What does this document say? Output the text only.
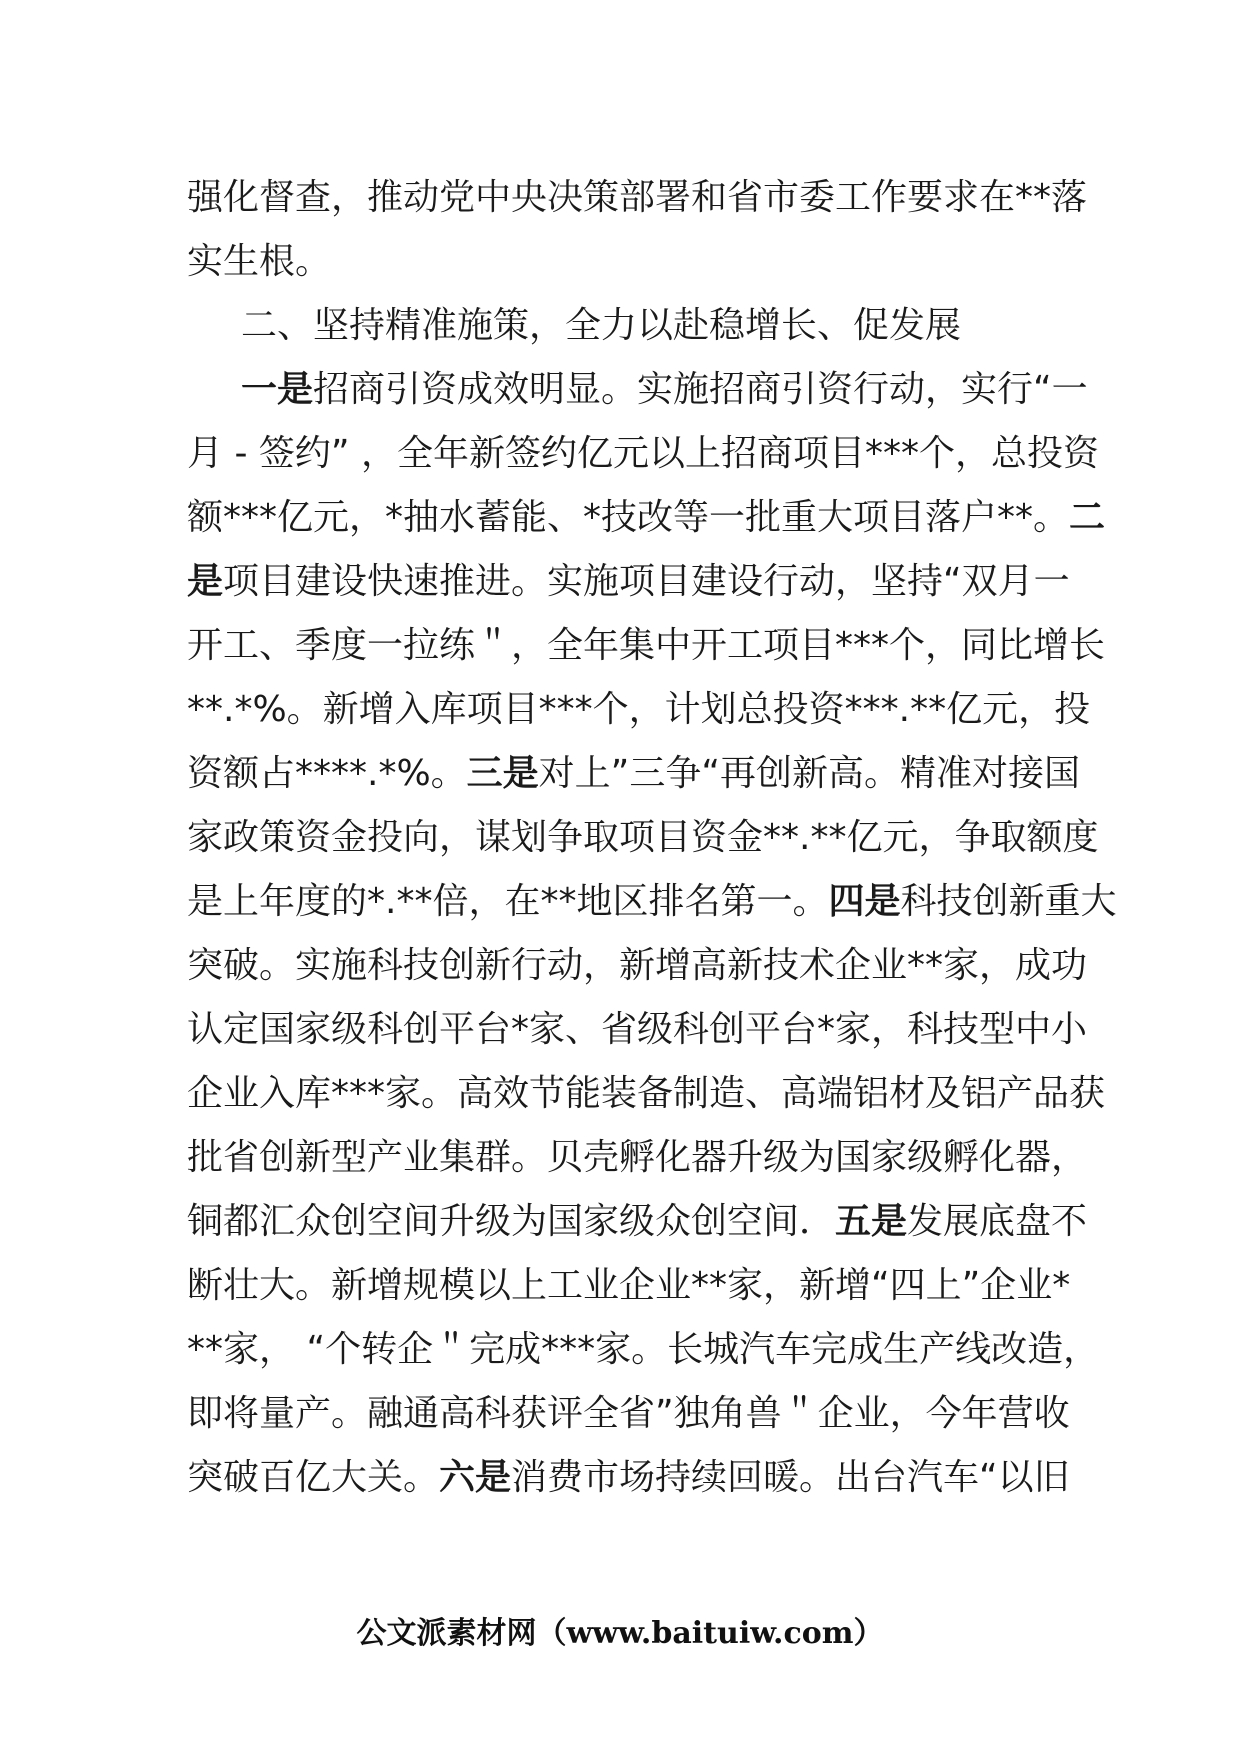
强化督查，推动党中央决策部署和省市委工作要求在**落
实生根。
二、坚持精准施策，全力以赴稳增长、促发展
一是招商引资成效明显。实施招商引资行动，实行“一
月 - 签约” ，全年新签约亿元以上招商项目***个，总投资
额***亿元，*抽水蓄能、*技改等一批重大项目落户**。二
是项目建设快速推进。实施项目建设行动，坚持“双月一
开工、季度一拉练＂，全年集中开工项目***个，同比增长
**.*%。新增入库项目***个，计划总投资***.**亿元，投
资额占****.*%。三是对上”三争“再创新高。精准对接国
家政策资金投向，谋划争取项目资金**.**亿元，争取额度
是上年度的*.**倍，在**地区排名第一。四是科技创新重大
突破。实施科技创新行动，新增高新技术企业**家，成功
认定国家级科创平台*家、省级科创平台*家，科技型中小
企业入库***家。高效节能装备制造、高端铝材及铝产品获
批省创新型产业集群。贝壳孵化器升级为国家级孵化器，
铜都汇众创空间升级为国家级众创空间．五是发展底盘不
断壮大。新增规模以上工业企业**家，新增“四上”企业*
**家， “个转企＂完成***家。长城汽车完成生产线改造，
即将量产。融通高科获评全省”独角兽＂企业，今年营收
突破百亿大关。六是消费市场持续回暖。出台汽车“以旧
公文派素材网（www.baituiw.com）
